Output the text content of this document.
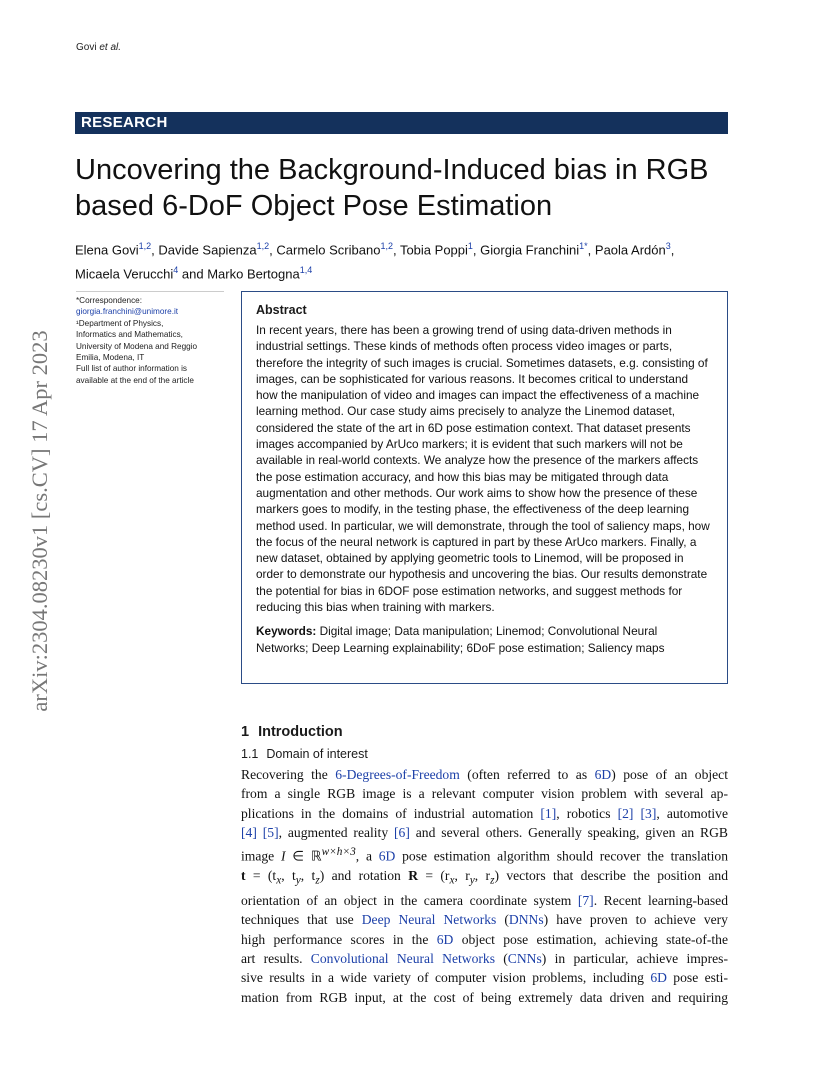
Govi et al.
RESEARCH
Uncovering the Background-Induced bias in RGB
based 6-DoF Object Pose Estimation
Elena Govi$^{1,2}$, Davide Sapienza$^{1,2}$, Carmelo Scribano$^{1,2}$, Tobia Poppi$^1$, Giorgia Franchini$^{1*}$, Paola Ardón$^3$,
Micaela Verucchi$^4$ and Marko Bertogna$^{1,4}$
arXiv:2304.08230v1 [cs.CV] 17 Apr 2023
*Correspondence:
giorgia.franchini@unimore.it
¹Department of Physics,
Informatics and Mathematics,
University of Modena and Reggio
Emilia, Modena, IT
Full list of author information is
available at the end of the article
Abstract
In recent years, there has been a growing trend of using data-driven methods in industrial settings. These kinds of methods often process video images or parts, therefore the integrity of such images is crucial. Sometimes datasets, e.g. consisting of images, can be sophisticated for various reasons. It becomes critical to understand how the manipulation of video and images can impact the effectiveness of a machine learning method. Our case study aims precisely to analyze the Linemod dataset, considered the state of the art in 6D pose estimation context. That dataset presents images accompanied by ArUco markers; it is evident that such markers will not be available in real-world contexts. We analyze how the presence of the markers affects the pose estimation accuracy, and how this bias may be mitigated through data augmentation and other methods. Our work aims to show how the presence of these markers goes to modify, in the testing phase, the effectiveness of the deep learning method used. In particular, we will demonstrate, through the tool of saliency maps, how the focus of the neural network is captured in part by these ArUco markers. Finally, a new dataset, obtained by applying geometric tools to Linemod, will be proposed in order to demonstrate our hypothesis and uncovering the bias. Our results demonstrate the potential for bias in 6DOF pose estimation networks, and suggest methods for reducing this bias when training with markers.
Keywords: Digital image; Data manipulation; Linemod; Convolutional Neural Networks; Deep Learning explainability; 6DoF pose estimation; Saliency maps
1 Introduction
1.1 Domain of interest
Recovering the 6-Degrees-of-Freedom (often referred to as 6D) pose of an object
from a single RGB image is a relevant computer vision problem with several ap-
plications in the domains of industrial automation [1], robotics [2] [3], automotive
[4] [5], augmented reality [6] and several others. Generally speaking, given an RGB
image I ∈ ℝ$^{w\times h\times 3}$, a 6D pose estimation algorithm should recover the translation
$t = (t_x$, $t_y$, $t_z$) and rotation $R = (r_x$, $r_y$, $r_z$) vectors that describe the position and
orientation of an object in the camera coordinate system [7]. Recent learning-based
techniques that use Deep Neural Networks (DNNs) have proven to achieve very
high performance scores in the 6D object pose estimation, achieving state-of-the
art results. Convolutional Neural Networks (CNNs) in particular, achieve impres-
sive results in a wide variety of computer vision problems, including 6D pose esti-
mation from RGB input, at the cost of being extremely data driven and requiring
